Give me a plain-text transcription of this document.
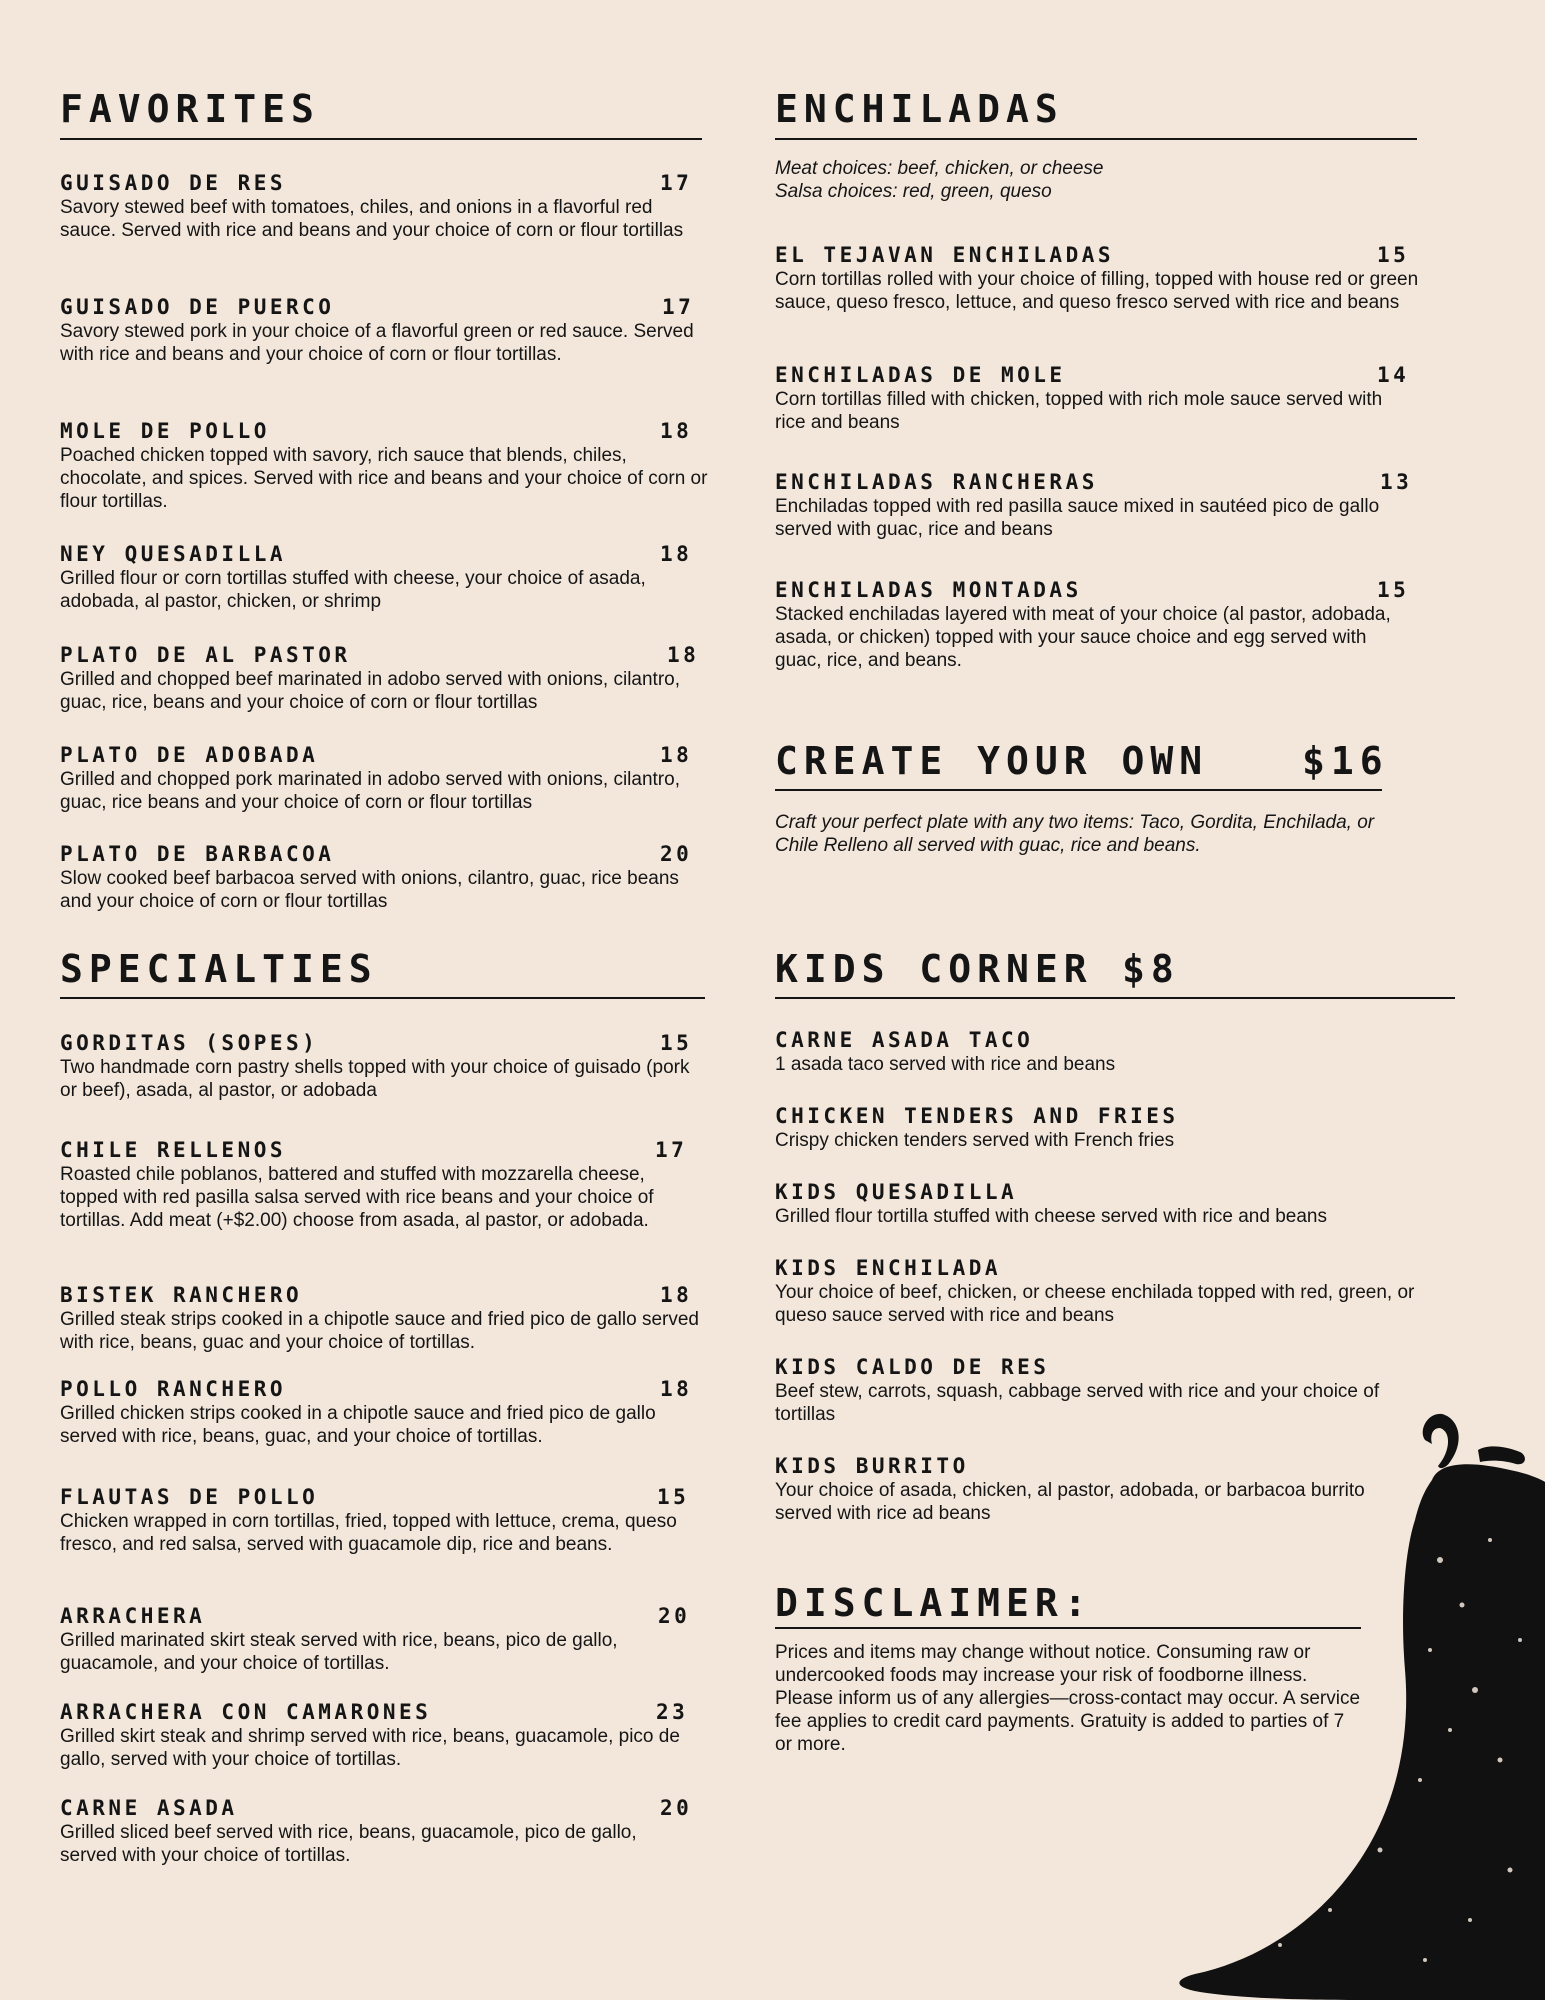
FAVORITES
GUISADO DE RES	17
Savory stewed beef with tomatoes, chiles, and onions in a flavorful red sauce. Served with rice and beans and your choice of corn or flour tortillas
GUISADO DE PUERCO	17
Savory stewed pork in your choice of a flavorful green or red sauce. Served with rice and beans and your choice of corn or flour tortillas.
MOLE DE POLLO	18
Poached chicken topped with savory, rich sauce that blends, chiles, chocolate, and spices. Served with rice and beans and your choice of corn or flour tortillas.
NEY QUESADILLA	18
Grilled flour or corn tortillas stuffed with cheese, your choice of asada, adobada, al pastor, chicken, or shrimp
PLATO DE AL PASTOR	18
Grilled and chopped beef marinated in adobo served with onions, cilantro, guac, rice, beans and your choice of corn or flour tortillas
PLATO DE ADOBADA	18
Grilled and chopped pork marinated in adobo served with onions, cilantro, guac, rice beans and your choice of corn or flour tortillas
PLATO DE BARBACOA	20
Slow cooked beef barbacoa served with onions, cilantro, guac, rice beans and your choice of corn or flour tortillas
SPECIALTIES
GORDITAS (SOPES)	15
Two handmade corn pastry shells topped with your choice of guisado (pork or beef), asada, al pastor, or adobada
CHILE RELLENOS	17
Roasted chile poblanos, battered and stuffed with mozzarella cheese, topped with red pasilla salsa served with rice beans and your choice of tortillas. Add meat (+$2.00) choose from asada, al pastor, or adobada.
BISTEK RANCHERO	18
Grilled steak strips cooked in a chipotle sauce and fried pico de gallo served with rice, beans, guac and your choice of tortillas.
POLLO RANCHERO	18
Grilled chicken strips cooked in a chipotle sauce and fried pico de gallo served with rice, beans, guac, and your choice of tortillas.
FLAUTAS DE POLLO	15
Chicken wrapped in corn tortillas, fried, topped with lettuce, crema, queso fresco, and red salsa, served with guacamole dip, rice and beans.
ARRACHERA	20
Grilled marinated skirt steak served with rice, beans, pico de gallo, guacamole, and your choice of tortillas.
ARRACHERA CON CAMARONES	23
Grilled skirt steak and shrimp served with rice, beans, guacamole, pico de gallo, served with your choice of tortillas.
CARNE ASADA	20
Grilled sliced beef served with rice, beans, guacamole, pico de gallo, served with your choice of tortillas.
ENCHILADAS
Meat choices: beef, chicken, or cheese
Salsa choices: red, green, queso
EL TEJAVAN ENCHILADAS	15
Corn tortillas rolled with your choice of filling, topped with house red or green sauce, queso fresco, lettuce, and queso fresco served with rice and beans
ENCHILADAS DE MOLE	14
Corn tortillas filled with chicken, topped with rich mole sauce served with rice and beans
ENCHILADAS RANCHERAS	13
Enchiladas topped with red pasilla sauce mixed in sautéed pico de gallo served with guac, rice and beans
ENCHILADAS MONTADAS	15
Stacked enchiladas layered with meat of your choice (al pastor, adobada, asada, or chicken) topped with your sauce choice and egg served with guac, rice, and beans.
CREATE YOUR OWN $16
Craft your perfect plate with any two items: Taco, Gordita, Enchilada, or Chile Relleno all served with guac, rice and beans.
KIDS CORNER $8
CARNE ASADA TACO
1 asada taco served with rice and beans
CHICKEN TENDERS AND FRIES
Crispy chicken tenders served with French fries
KIDS QUESADILLA
Grilled flour tortilla stuffed with cheese served with rice and beans
KIDS ENCHILADA
Your choice of beef, chicken, or cheese enchilada topped with red, green, or queso sauce served with rice and beans
KIDS CALDO DE RES
Beef stew, carrots, squash, cabbage served with rice and your choice of tortillas
KIDS BURRITO
Your choice of asada, chicken, al pastor, adobada, or barbacoa burrito served with rice ad beans
DISCLAIMER:
Prices and items may change without notice. Consuming raw or undercooked foods may increase your risk of foodborne illness. Please inform us of any allergies—cross-contact may occur. A service fee applies to credit card payments. Gratuity is added to parties of 7 or more.
